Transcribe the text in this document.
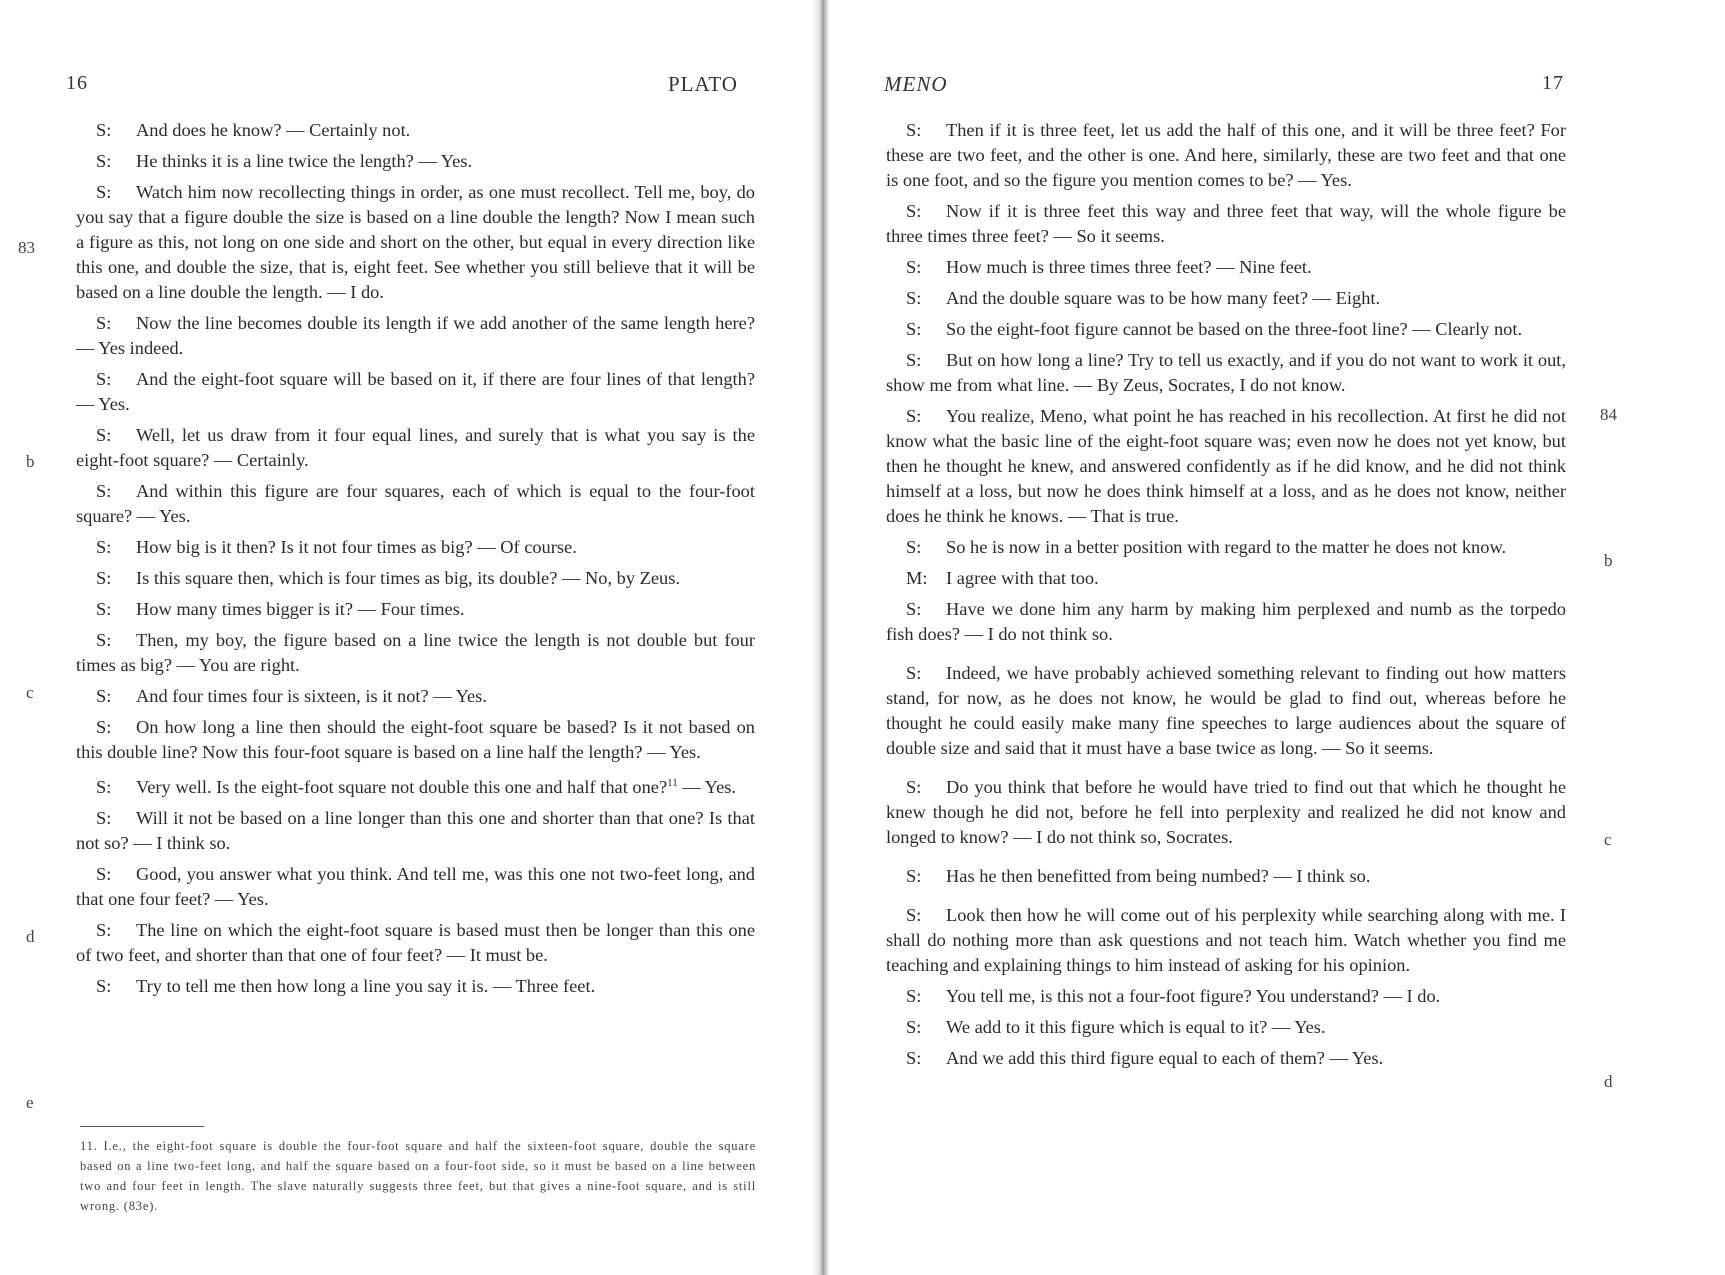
16	PLATO

S: And does he know? — Certainly not.

S: He thinks it is a line twice the length? — Yes.

S: Watch him now recollecting things in order, as one must recollect. Tell me, boy, do you say that a figure double the size is based on a line double the length? Now I mean such a figure as this, not long on one side and short on the other, but equal in every direction like this one, and double the size, that is, eight feet. See whether you still believe that it will be based on a line double the length. — I do.

S: Now the line becomes double its length if we add another of the same length here? — Yes indeed.

S: And the eight-foot square will be based on it, if there are four lines of that length? — Yes.

S: Well, let us draw from it four equal lines, and surely that is what you say is the eight-foot square? — Certainly.

S: And within this figure are four squares, each of which is equal to the four-foot square? — Yes.

S: How big is it then? Is it not four times as big? — Of course.

S: Is this square then, which is four times as big, its double? — No, by Zeus.

S: How many times bigger is it? — Four times.

S: Then, my boy, the figure based on a line twice the length is not double but four times as big? — You are right.

S: And four times four is sixteen, is it not? — Yes.

S: On how long a line then should the eight-foot square be based? Is it not based on this double line? Now this four-foot square is based on a line half the length? — Yes.

S: Very well. Is the eight-foot square not double this one and half that one?$^{11}$ — Yes.

S: Will it not be based on a line longer than this one and shorter than that one? Is that not so? — I think so.

S: Good, you answer what you think. And tell me, was this one not two-feet long, and that one four feet? — Yes.

S: The line on which the eight-foot square is based must then be longer than this one of two feet, and shorter than that one of four feet? — It must be.

S: Try to tell me then how long a line you say it is. — Three feet.

83
b
c
d
e
11. I.e., the eight-foot square is double the four-foot square and half the sixteen-foot square, double the square based on a line two-feet long, and half the square based on a four-foot side, so it must be based on a line between two and four feet in length. The slave naturally suggests three feet, but that gives a nine-foot square, and is still wrong. (83e).
MENO	17

S: Then if it is three feet, let us add the half of this one, and it will be three feet? For these are two feet, and the other is one. And here, similarly, these are two feet and that one is one foot, and so the figure you mention comes to be? — Yes.

S: Now if it is three feet this way and three feet that way, will the whole figure be three times three feet? — So it seems.

S: How much is three times three feet? — Nine feet.

S: And the double square was to be how many feet? — Eight.

S: So the eight-foot figure cannot be based on the three-foot line? — Clearly not.

S: But on how long a line? Try to tell us exactly, and if you do not want to work it out, show me from what line. — By Zeus, Socrates, I do not know.

S: You realize, Meno, what point he has reached in his recollection. At first he did not know what the basic line of the eight-foot square was; even now he does not yet know, but then he thought he knew, and answered confidently as if he did know, and he did not think himself at a loss, but now he does think himself at a loss, and as he does not know, neither does he think he knows. — That is true.

S: So he is now in a better position with regard to the matter he does not know.

M: I agree with that too.

S: Have we done him any harm by making him perplexed and numb as the torpedo fish does? — I do not think so.

S: Indeed, we have probably achieved something relevant to finding out how matters stand, for now, as he does not know, he would be glad to find out, whereas before he thought he could easily make many fine speeches to large audiences about the square of double size and said that it must have a base twice as long. — So it seems.

S: Do you think that before he would have tried to find out that which he thought he knew though he did not, before he fell into perplexity and realized he did not know and longed to know? — I do not think so, Socrates.

S: Has he then benefitted from being numbed? — I think so.

S: Look then how he will come out of his perplexity while searching along with me. I shall do nothing more than ask questions and not teach him. Watch whether you find me teaching and explaining things to him instead of asking for his opinion.

S: You tell me, is this not a four-foot figure? You understand? — I do.

S: We add to it this figure which is equal to it? — Yes.

S: And we add this third figure equal to each of them? — Yes.

84
b
c
d
